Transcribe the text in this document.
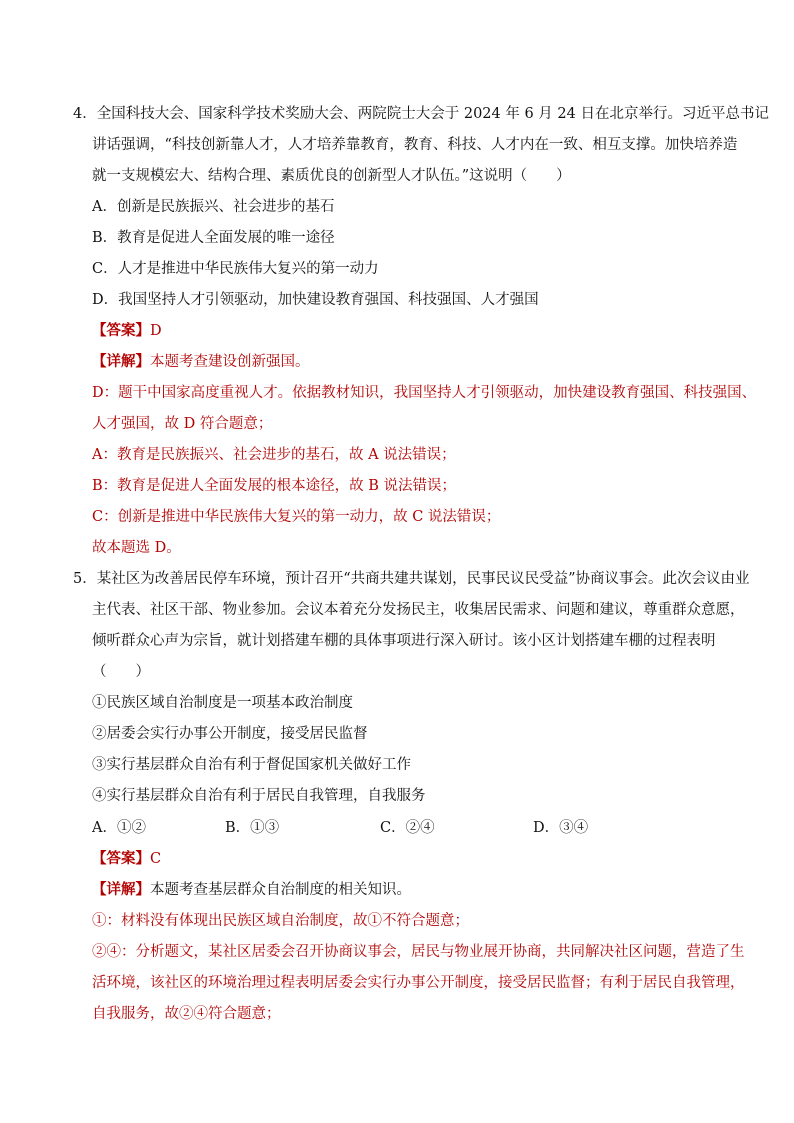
4．全国科技大会、国家科学技术奖励大会、两院院士大会于 2024 年 6 月 24 日在北京举行。习近平总书记
讲话强调，“科技创新靠人才，人才培养靠教育，教育、科技、人才内在一致、相互支撑。加快培养造
就一支规模宏大、结构合理、素质优良的创新型人才队伍。”这说明（　　）
A．创新是民族振兴、社会进步的基石
B．教育是促进人全面发展的唯一途径
C．人才是推进中华民族伟大复兴的第一动力
D．我国坚持人才引领驱动，加快建设教育强国、科技强国、人才强国
【答案】D
【详解】本题考查建设创新强国。
D：题干中国家高度重视人才。依据教材知识，我国坚持人才引领驱动，加快建设教育强国、科技强国、
人才强国，故 D 符合题意；
A：教育是民族振兴、社会进步的基石，故 A 说法错误；
B：教育是促进人全面发展的根本途径，故 B 说法错误；
C：创新是推进中华民族伟大复兴的第一动力，故 C 说法错误；
故本题选 D。
5．某社区为改善居民停车环境，预计召开“共商共建共谋划，民事民议民受益”协商议事会。此次会议由业
主代表、社区干部、物业参加。会议本着充分发扬民主，收集居民需求、问题和建议，尊重群众意愿，
倾听群众心声为宗旨，就计划搭建车棚的具体事项进行深入研讨。该小区计划搭建车棚的过程表明
（　　）
①民族区域自治制度是一项基本政治制度
②居委会实行办事公开制度，接受居民监督
③实行基层群众自治有利于督促国家机关做好工作
④实行基层群众自治有利于居民自我管理，自我服务
A．①②	B．①③	C．②④	D．③④
【答案】C
【详解】本题考查基层群众自治制度的相关知识。
①：材料没有体现出民族区域自治制度，故①不符合题意；
②④：分析题文，某社区居委会召开协商议事会，居民与物业展开协商，共同解决社区问题，营造了生
活环境，该社区的环境治理过程表明居委会实行办事公开制度，接受居民监督；有利于居民自我管理，
自我服务，故②④符合题意；
